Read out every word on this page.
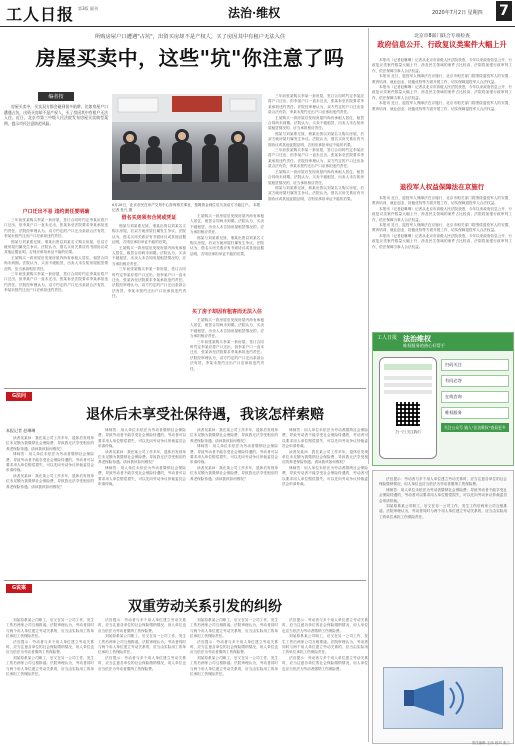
工人日报 第3版 副刊	法治·维权	2020年7月2日 星期四 7
所购房屋户口遭遇"占坑"，出资买房却不是产权人，买了房因其中有租户无法入住
房屋买卖中，这些"坑"你注意了吗
编者按
房屋买卖中，买卖双方都会碰到很多陷阱，比如房屋户口遭遇占坑，出资买房却不是产权人，买了房因其中有租户无法入住。近日，北京市第三中级人民法院发布房屋买卖典型案例，提示市民注意防范风险。
6月28日，北京市民在房产交易中心咨询相关事宜，按揭资金到位后买卖双方才能过户。 本报记者 杜凡 摄
户口迁出不易 违约责任要明确

三年前张某购买李某一套房屋，签订合同时约定李某应将户口迁出，但李某户口一直未迁出，张某诉至法院要求李某承担违约责任。法院经审理认为，双方约定的户口迁出条款合法有效，李某未按约迁出户口应承担违约责任。

邢某与刘某系兄妹，邢某出资以刘某名义购买房屋，后双方就房屋归属发生争议。法院认为，借名买房关系应有书面协议或其他证据证明，否则应承担举证不能的后果。

王某购买一套房屋后发现房屋内尚有承租人居住，租赁合同尚未到期。法院认为，买卖不破租赁，出卖人未告知房屋租赁情况的，应当承担相应责任。

三年前张某购买李某一套房屋，签订合同时约定李某应将户口迁出，但李某户口一直未迁出，张某诉至法院要求李某承担违约责任。法院经审理认为，双方约定的户口迁出条款合法有效，李某未按约迁出户口应承担违约责任。

借名买房须有合同或凭证

邢某与刘某系兄妹，邢某出资以刘某名义购买房屋，后双方就房屋归属发生争议。法院认为，借名买房关系应有书面协议或其他证据证明，否则应承担举证不能的后果。

王某购买一套房屋后发现房屋内尚有承租人居住，租赁合同尚未到期。法院认为，买卖不破租赁，出卖人未告知房屋租赁情况的，应当承担相应责任。

三年前张某购买李某一套房屋，签订合同时约定李某应将户口迁出，但李某户口一直未迁出，张某诉至法院要求李某承担违约责任。法院经审理认为，双方约定的户口迁出条款合法有效，李某未按约迁出户口应承担违约责任。

王某购买一套房屋后发现房屋内尚有承租人居住，租赁合同尚未到期。法院认为，买卖不破租赁，出卖人未告知房屋租赁情况的，应当承担相应责任。

邢某与刘某系兄妹，邢某出资以刘某名义购买房屋，后双方就房屋归属发生争议。法院认为，借名买房关系应有书面协议或其他证据证明，否则应承担举证不能的后果。

买了房子却因有租客而无法入住

王某购买一套房屋后发现房屋内尚有承租人居住，租赁合同尚未到期。法院认为，买卖不破租赁，出卖人未告知房屋租赁情况的，应当承担相应责任。

三年前张某购买李某一套房屋，签订合同时约定李某应将户口迁出，但李某户口一直未迁出，张某诉至法院要求李某承担违约责任。法院经审理认为，双方约定的户口迁出条款合法有效，李某未按约迁出户口应承担违约责任。

三年前张某购买李某一套房屋，签订合同时约定李某应将户口迁出，但李某户口一直未迁出，张某诉至法院要求李某承担违约责任。法院经审理认为，双方约定的户口迁出条款合法有效，李某未按约迁出户口应承担违约责任。

王某购买一套房屋后发现房屋内尚有承租人居住，租赁合同尚未到期。法院认为，买卖不破租赁，出卖人未告知房屋租赁情况的，应当承担相应责任。

邢某与刘某系兄妹，邢某出资以刘某名义购买房屋，后双方就房屋归属发生争议。法院认为，借名买房关系应有书面协议或其他证据证明，否则应承担举证不能的后果。

三年前张某购买李某一套房屋，签订合同时约定李某应将户口迁出，但李某户口一直未迁出，张某诉至法院要求李某承担违约责任。法院经审理认为，双方约定的户口迁出条款合法有效，李某未按约迁出户口应承担违约责任。

王某购买一套房屋后发现房屋内尚有承租人居住，租赁合同尚未到期。法院认为，买卖不破租赁，出卖人未告知房屋租赁情况的，应当承担相应责任。

邢某与刘某系兄妹，邢某出资以刘某名义购买房屋，后双方就房屋归属发生争议。法院认为，借名买房关系应有书面协议或其他证据证明，否则应承担举证不能的后果。

北京市8部门联合专项检查
政府信息公开、行政复议类案件大幅上升

本报讯（记者赵琳琳）记者从北京市高级人民法院获悉，今年以来政府信息公开、行政复议类案件数量大幅上升，涉及民生领域的案件占比较高，法院将加强行政审判工作，依法保障当事人合法权益。

本报讯 近日，退役军人保障法在京施行，北京市相关部门将围绕退役军人的安置、教育培训、就业创业、抚恤优待等方面开展工作，切实保障退役军人合法权益。

本报讯（记者赵琳琳）记者从北京市高级人民法院获悉，今年以来政府信息公开、行政复议类案件数量大幅上升，涉及民生领域的案件占比较高，法院将加强行政审判工作，依法保障当事人合法权益。

本报讯 近日，退役军人保障法在京施行，北京市相关部门将围绕退役军人的安置、教育培训、就业创业、抚恤优待等方面开展工作，切实保障退役军人合法权益。

退役军人权益保障法在京施行

本报讯 近日，退役军人保障法在京施行，北京市相关部门将围绕退役军人的安置、教育培训、就业创业、抚恤优待等方面开展工作，切实保障退役军人合法权益。

本报讯（记者赵琳琳）记者从北京市高级人民法院获悉，今年以来政府信息公开、行政复议类案件数量大幅上升，涉及民生领域的案件占比较高，法院将加强行政审判工作，依法保障当事人合法权益。

本报讯 近日，退役军人保障法在京施行，北京市相关部门将围绕退役军人的安置、教育培训、就业创业、抚恤优待等方面开展工作，切实保障退役军人合法权益。

本报讯（记者赵琳琳）记者从北京市高级人民法院获悉，今年以来政府信息公开、行政复议类案件数量大幅上升，涉及民生领域的案件占比较高，法院将加强行政审判工作，依法保障当事人合法权益。

工人日报 法治维权
维权服务的热心好帮手
扫一扫 关注我们
扫码关注
有问必答
在线咨询
维权服务
关注公众号 输入"法治维权"查看更多
G法问
退休后未享受社保待遇，我该怎样索赔
本报记者 赵琳琳

读者吴某问：我在某公司工作多年，退休后发现单位未足额为我缴纳社会保险费，导致我无法享受相应的养老保险待遇。请问我该如何维权？

律师答：用人单位未依法为劳动者缴纳社会保险费，导致劳动者不能享受社会保险待遇的，劳动者可以要求用人单位赔偿损失，可以先向劳动争议仲裁委员会申请仲裁。

读者吴某问：我在某公司工作多年，退休后发现单位未足额为我缴纳社会保险费，导致我无法享受相应的养老保险待遇。请问我该如何维权？

律师答：用人单位未依法为劳动者缴纳社会保险费，导致劳动者不能享受社会保险待遇的，劳动者可以要求用人单位赔偿损失，可以先向劳动争议仲裁委员会申请仲裁。

读者吴某问：我在某公司工作多年，退休后发现单位未足额为我缴纳社会保险费，导致我无法享受相应的养老保险待遇。请问我该如何维权？

律师答：用人单位未依法为劳动者缴纳社会保险费，导致劳动者不能享受社会保险待遇的，劳动者可以要求用人单位赔偿损失，可以先向劳动争议仲裁委员会申请仲裁。

读者吴某问：我在某公司工作多年，退休后发现单位未足额为我缴纳社会保险费，导致我无法享受相应的养老保险待遇。请问我该如何维权？

律师答：用人单位未依法为劳动者缴纳社会保险费，导致劳动者不能享受社会保险待遇的，劳动者可以要求用人单位赔偿损失，可以先向劳动争议仲裁委员会申请仲裁。

读者吴某问：我在某公司工作多年，退休后发现单位未足额为我缴纳社会保险费，导致我无法享受相应的养老保险待遇。请问我该如何维权？

律师答：用人单位未依法为劳动者缴纳社会保险费，导致劳动者不能享受社会保险待遇的，劳动者可以要求用人单位赔偿损失，可以先向劳动争议仲裁委员会申请仲裁。

读者吴某问：我在某公司工作多年，退休后发现单位未足额为我缴纳社会保险费，导致我无法享受相应的养老保险待遇。请问我该如何维权？

律师答：用人单位未依法为劳动者缴纳社会保险费，导致劳动者不能享受社会保险待遇的，劳动者可以要求用人单位赔偿损失，可以先向劳动争议仲裁委员会申请仲裁。

G说案
双重劳动关系引发的纠纷

刘某原系某公司职工，后又在另一公司工作，发生工伤后两家公司互相推诿。法院审理认为，劳动者同时与两个用人单位建立劳动关系的，应当由实际用工的单位承担工伤保险责任。

法官提示：劳动者与多个用人单位建立劳动关系时，应当注意各单位的社会保险缴纳情况，用人单位也应当依法为劳动者缴纳工伤保险费。

刘某原系某公司职工，后又在另一公司工作，发生工伤后两家公司互相推诿。法院审理认为，劳动者同时与两个用人单位建立劳动关系的，应当由实际用工的单位承担工伤保险责任。

法官提示：劳动者与多个用人单位建立劳动关系时，应当注意各单位的社会保险缴纳情况，用人单位也应当依法为劳动者缴纳工伤保险费。

刘某原系某公司职工，后又在另一公司工作，发生工伤后两家公司互相推诿。法院审理认为，劳动者同时与两个用人单位建立劳动关系的，应当由实际用工的单位承担工伤保险责任。

法官提示：劳动者与多个用人单位建立劳动关系时，应当注意各单位的社会保险缴纳情况，用人单位也应当依法为劳动者缴纳工伤保险费。

刘某原系某公司职工，后又在另一公司工作，发生工伤后两家公司互相推诿。法院审理认为，劳动者同时与两个用人单位建立劳动关系的，应当由实际用工的单位承担工伤保险责任。

法官提示：劳动者与多个用人单位建立劳动关系时，应当注意各单位的社会保险缴纳情况，用人单位也应当依法为劳动者缴纳工伤保险费。

刘某原系某公司职工，后又在另一公司工作，发生工伤后两家公司互相推诿。法院审理认为，劳动者同时与两个用人单位建立劳动关系的，应当由实际用工的单位承担工伤保险责任。

法官提示：劳动者与多个用人单位建立劳动关系时，应当注意各单位的社会保险缴纳情况，用人单位也应当依法为劳动者缴纳工伤保险费。

刘某原系某公司职工，后又在另一公司工作，发生工伤后两家公司互相推诿。法院审理认为，劳动者同时与两个用人单位建立劳动关系的，应当由实际用工的单位承担工伤保险责任。

法官提示：劳动者与多个用人单位建立劳动关系时，应当注意各单位的社会保险缴纳情况，用人单位也应当依法为劳动者缴纳工伤保险费。

法官提示：劳动者与多个用人单位建立劳动关系时，应当注意各单位的社会保险缴纳情况，用人单位也应当依法为劳动者缴纳工伤保险费。

律师答：用人单位未依法为劳动者缴纳社会保险费，导致劳动者不能享受社会保险待遇的，劳动者可以要求用人单位赔偿损失，可以先向劳动争议仲裁委员会申请仲裁。

刘某原系某公司职工，后又在另一公司工作，发生工伤后两家公司互相推诿。法院审理认为，劳动者同时与两个用人单位建立劳动关系的，应当由实际用工的单位承担工伤保险责任。

责任编辑 王伟 校对 张三
